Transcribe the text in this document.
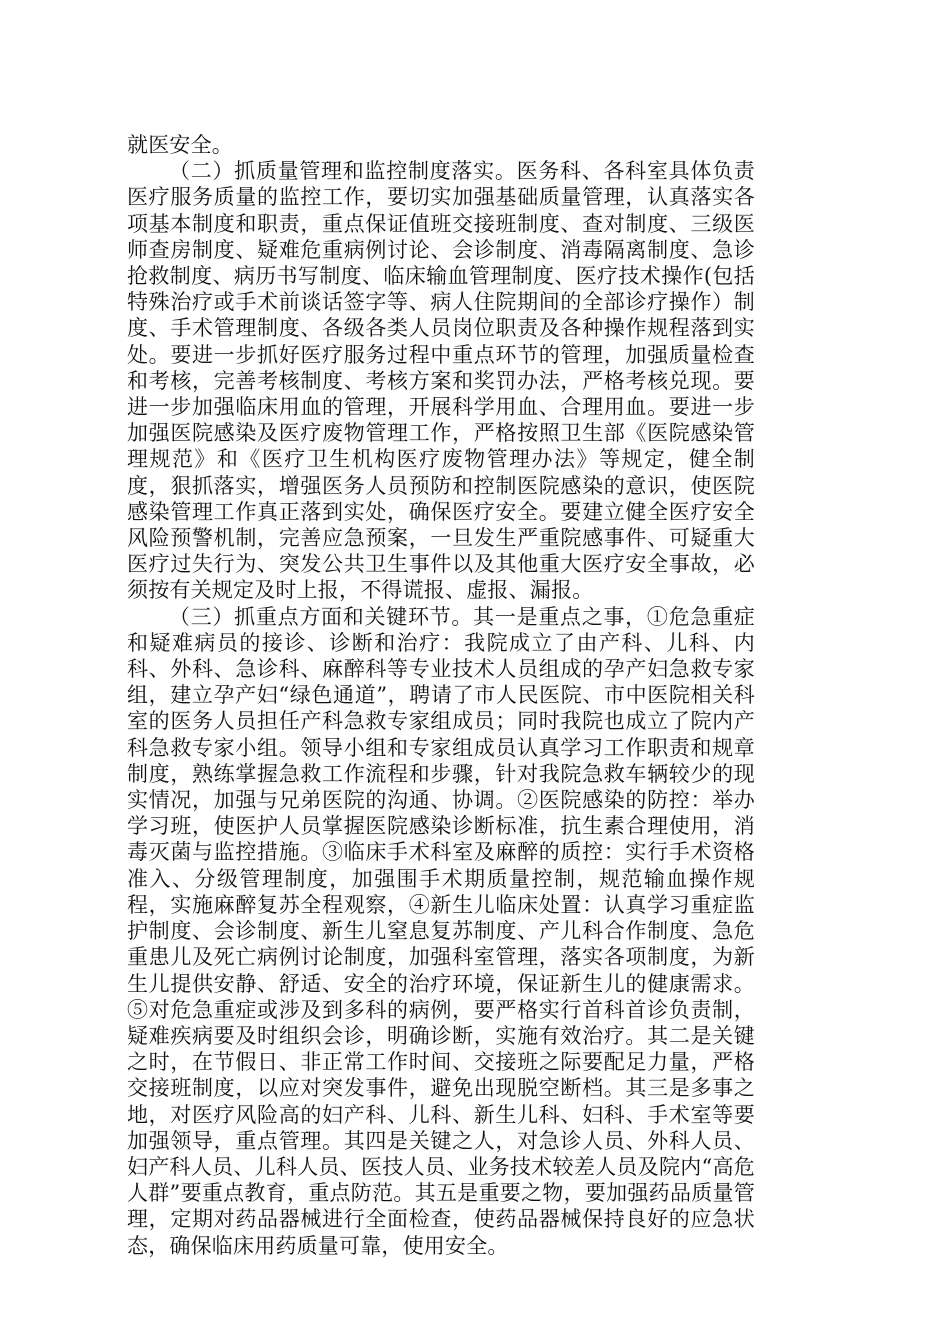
就医安全。

（二）抓质量管理和监控制度落实。医务科、各科室具体负责医疗服务质量的监控工作，要切实加强基础质量管理，认真落实各项基本制度和职责，重点保证值班交接班制度、查对制度、三级医师查房制度、疑难危重病例讨论、会诊制度、消毒隔离制度、急诊抢救制度、病历书写制度、临床输血管理制度、医疗技术操作(包括特殊治疗或手术前谈话签字等、病人住院期间的全部诊疗操作）制度、手术管理制度、各级各类人员岗位职责及各种操作规程落到实处。要进一步抓好医疗服务过程中重点环节的管理，加强质量检查和考核，完善考核制度、考核方案和奖罚办法，严格考核兑现。要进一步加强临床用血的管理，开展科学用血、合理用血。要进一步加强医院感染及医疗废物管理工作，严格按照卫生部《医院感染管理规范》和《医疗卫生机构医疗废物管理办法》等规定，健全制度，狠抓落实，增强医务人员预防和控制医院感染的意识，使医院感染管理工作真正落到实处，确保医疗安全。要建立健全医疗安全风险预警机制，完善应急预案，一旦发生严重院感事件、可疑重大医疗过失行为、突发公共卫生事件以及其他重大医疗安全事故，必须按有关规定及时上报，不得谎报、虚报、漏报。

（三）抓重点方面和关键环节。其一是重点之事，①危急重症和疑难病员的接诊、诊断和治疗：我院成立了由产科、儿科、内科、外科、急诊科、麻醉科等专业技术人员组成的孕产妇急救专家组，建立孕产妇“绿色通道”，聘请了市人民医院、市中医院相关科室的医务人员担任产科急救专家组成员；同时我院也成立了院内产科急救专家小组。领导小组和专家组成员认真学习工作职责和规章制度，熟练掌握急救工作流程和步骤，针对我院急救车辆较少的现实情况，加强与兄弟医院的沟通、协调。②医院感染的防控：举办学习班，使医护人员掌握医院感染诊断标准，抗生素合理使用，消毒灭菌与监控措施。③临床手术科室及麻醉的质控：实行手术资格准入、分级管理制度，加强围手术期质量控制，规范输血操作规程，实施麻醉复苏全程观察，④新生儿临床处置：认真学习重症监护制度、会诊制度、新生儿窒息复苏制度、产儿科合作制度、急危重患儿及死亡病例讨论制度，加强科室管理，落实各项制度，为新生儿提供安静、舒适、安全的治疗环境，保证新生儿的健康需求。⑤对危急重症或涉及到多科的病例，要严格实行首科首诊负责制，疑难疾病要及时组织会诊，明确诊断，实施有效治疗。其二是关键之时，在节假日、非正常工作时间、交接班之际要配足力量，严格交接班制度，以应对突发事件，避免出现脱空断档。其三是多事之地，对医疗风险高的妇产科、儿科、新生儿科、妇科、手术室等要加强领导，重点管理。其四是关键之人，对急诊人员、外科人员、妇产科人员、儿科人员、医技人员、业务技术较差人员及院内“高危人群”要重点教育，重点防范。其五是重要之物，要加强药品质量管理，定期对药品器械进行全面检查，使药品器械保持良好的应急状态，确保临床用药质量可靠，使用安全。
